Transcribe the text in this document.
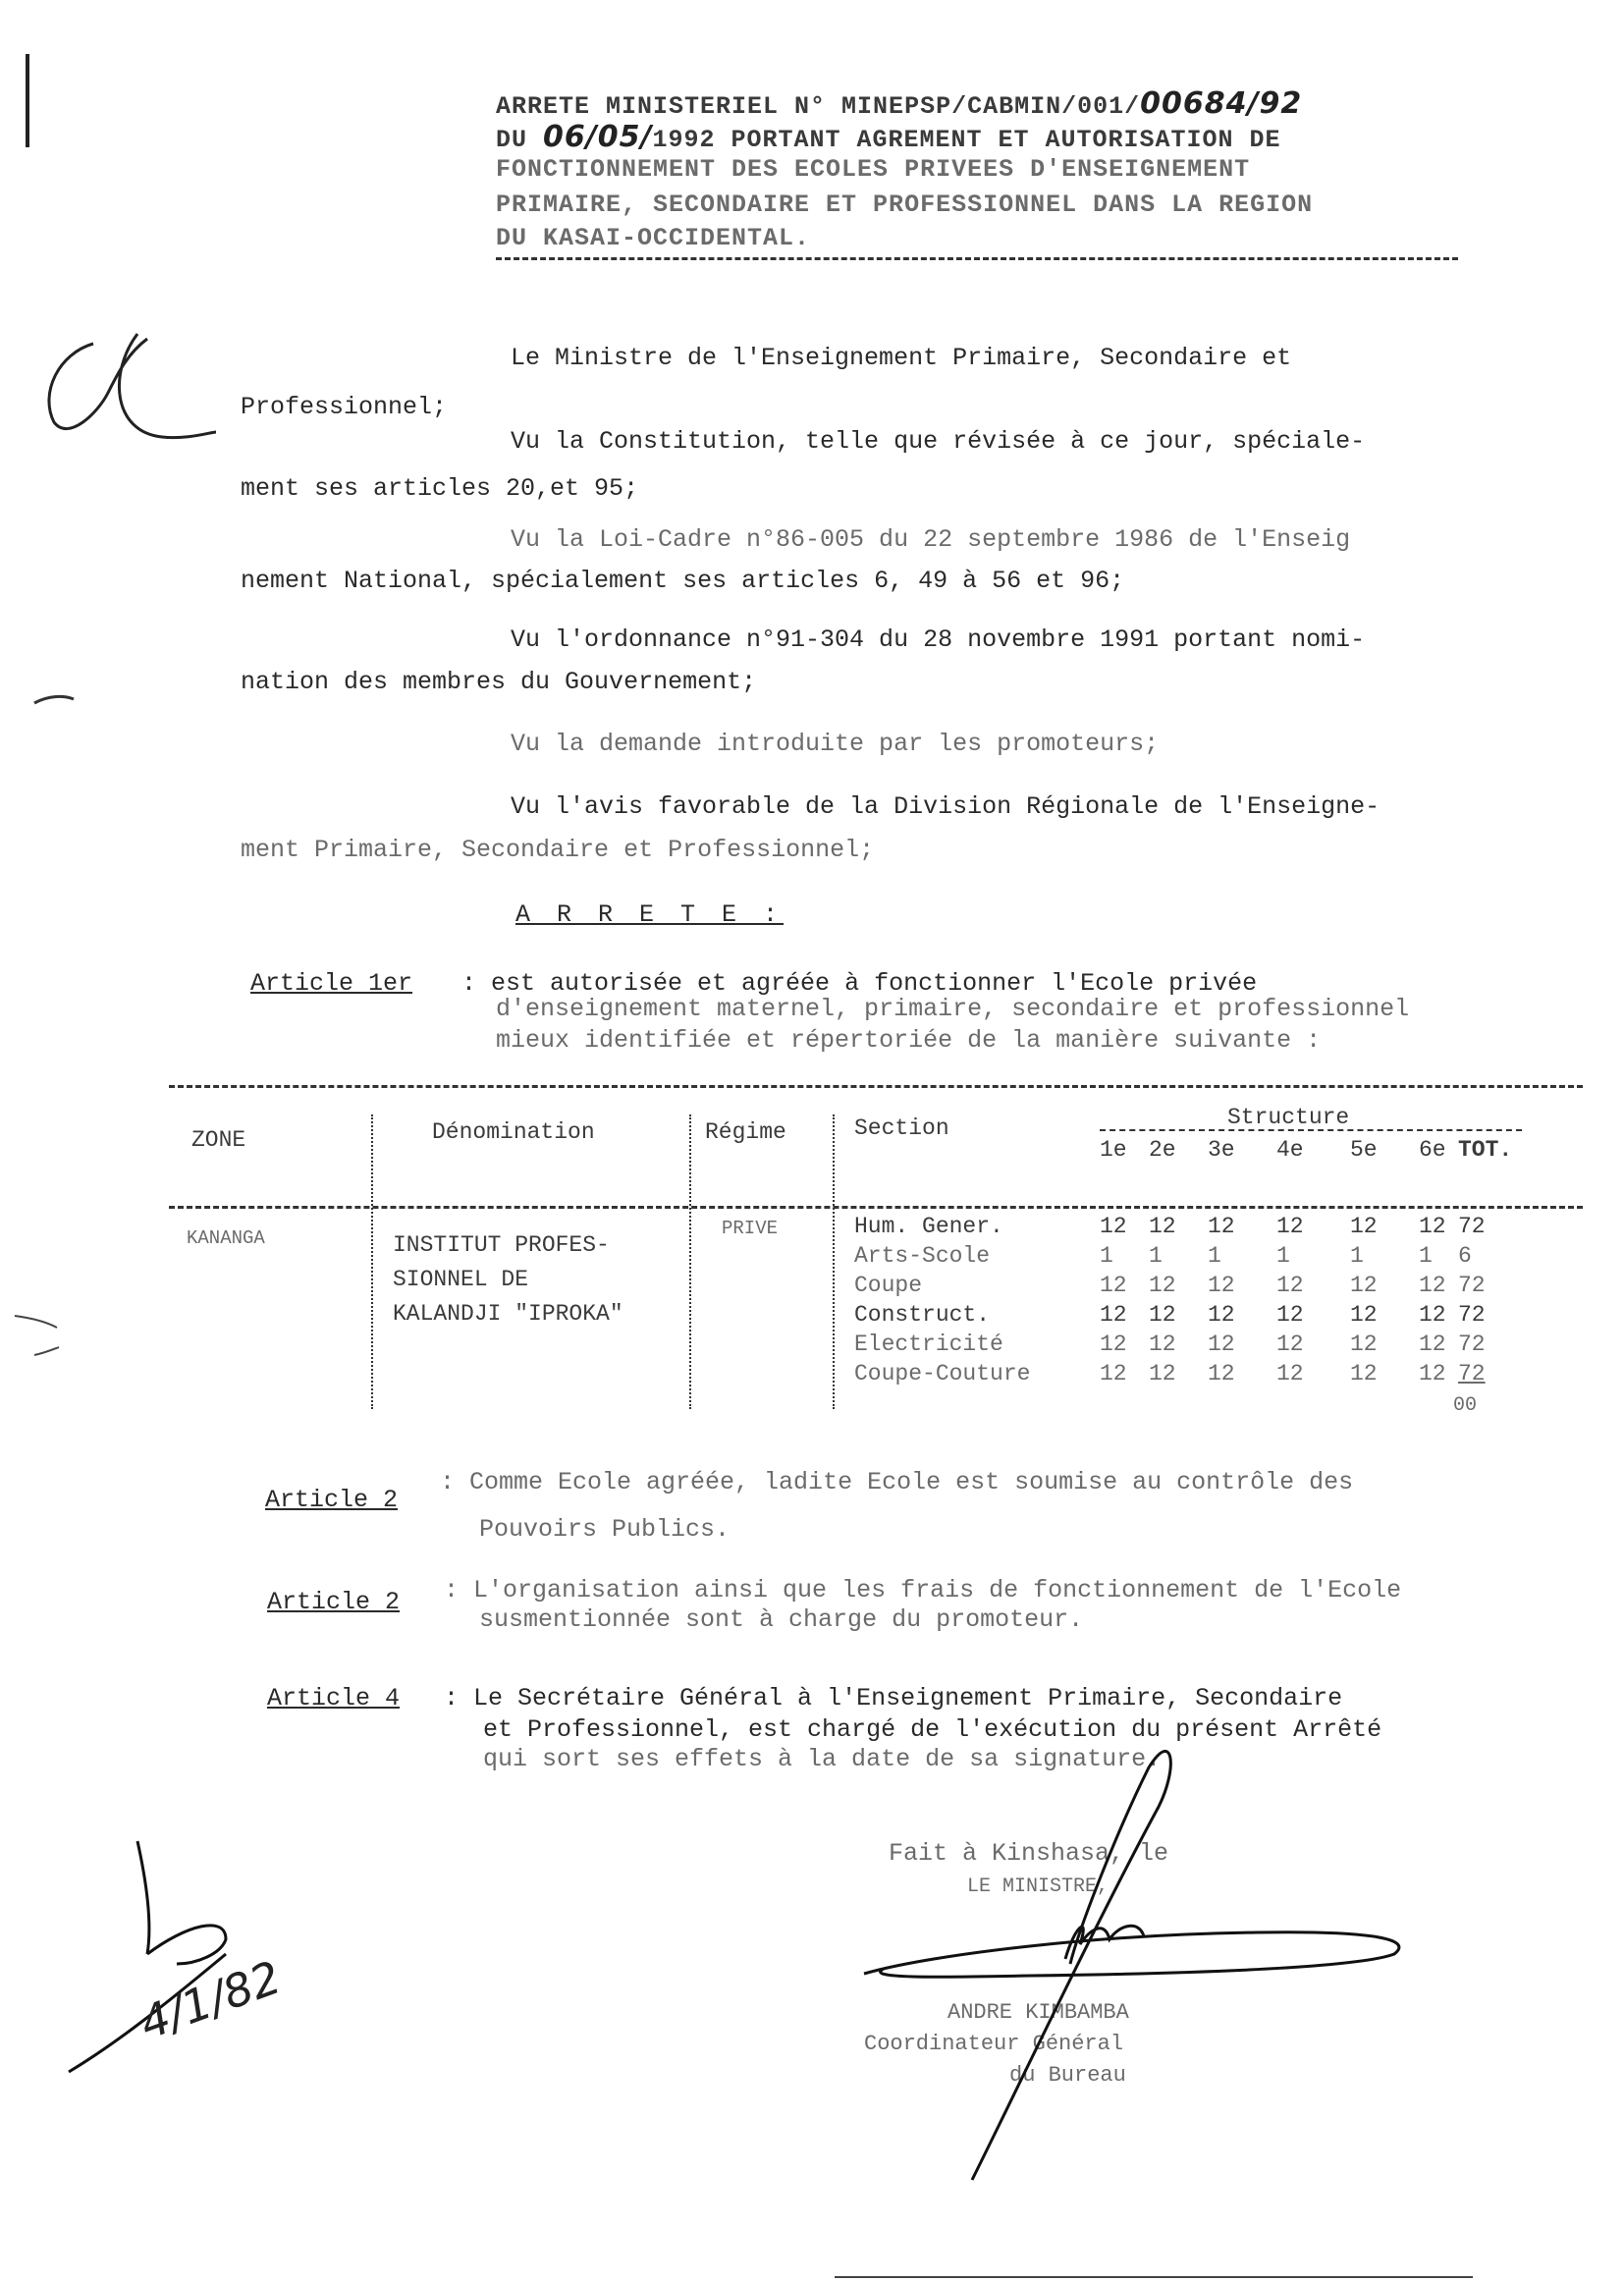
ARRETE MINISTERIEL N° MINEPSP/CABMIN/001/00684/92
DU 06/05/1992 PORTANT AGREMENT ET AUTORISATION DE
FONCTIONNEMENT DES ECOLES PRIVEES D'ENSEIGNEMENT
PRIMAIRE, SECONDAIRE ET PROFESSIONNEL DANS LA REGION
DU KASAI-OCCIDENTAL.
Le Ministre de l'Enseignement Primaire, Secondaire et
Professionnel;
Vu la Constitution, telle que révisée à ce jour, spéciale-
ment ses articles 20,et 95;
Vu la Loi-Cadre n°86-005 du 22 septembre 1986 de l'Enseig
nement National, spécialement ses articles 6, 49 à 56 et 96;
Vu l'ordonnance n°91-304 du 28 novembre 1991 portant nomi-
nation des membres du Gouvernement;
Vu la demande introduite par les promoteurs;
Vu l'avis favorable de la Division Régionale de l'Enseigne-
ment Primaire, Secondaire et Professionnel;
A R R E T E :
Article 1er : est autorisée et agréée à fonctionner l'Ecole privée
d'enseignement maternel, primaire, secondaire et professionnel
mieux identifiée et répertoriée de la manière suivante :
ZONE	Dénomination	Régime	Section	Structure
1e 2e 3e 4e 5e 6e TOT.
KANANGA	INSTITUT PROFES-
SIONNEL DE
KALANDJI "IPROKA"
PRIVE	Hum. Gener.	12 12 12 12 12 12 72
Arts-Scole	1 1 1 1	1 1 6
Coupe	12 12 12 12 12 12 72
Construct.	12 12 12 12 12 12 72
Electricité	12 12 12 12 12 12 72
Coupe-Couture	12 12 12 12 12 12 72
00
Article 2
: Comme Ecole agréée, ladite Ecole est soumise au contrôle des
Pouvoirs Publics.
Article 2 : L'organisation ainsi que les frais de fonctionnement de l'Ecole
susmentionnée sont à charge du promoteur.
Article 4 : Le Secrétaire Général à l'Enseignement Primaire, Secondaire
et Professionnel, est chargé de l'exécution du présent Arrêté
qui sort ses effets à la date de sa signature.
Fait à Kinshasa, le
LE MINISTRE,
ANDRE KIMBAMBA
Coordinateur Général
du Bureau
4/1/82
